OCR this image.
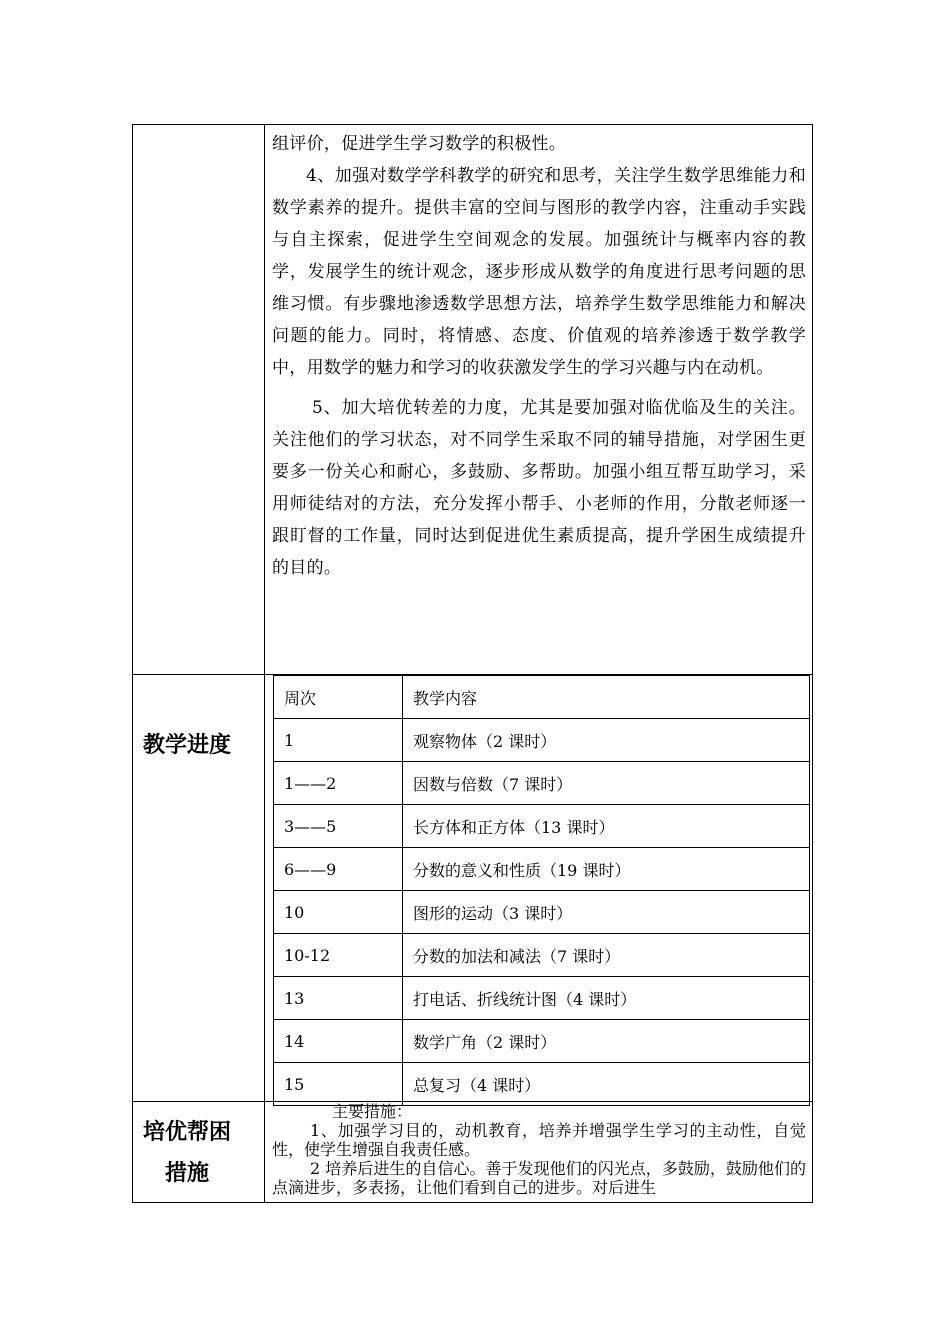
组评价，促进学生学习数学的积极性。

4、加强对数学学科教学的研究和思考，关注学生数学思维能力和数学素养的提升。提供丰富的空间与图形的教学内容，注重动手实践与自主探索，促进学生空间观念的发展。加强统计与概率内容的教学，发展学生的统计观念，逐步形成从数学的角度进行思考问题的思维习惯。有步骤地渗透数学思想方法，培养学生数学思维能力和解决问题的能力。同时，将情感、态度、价值观的培养渗透于数学教学中，用数学的魅力和学习的收获激发学生的学习兴趣与内在动机。

5、加大培优转差的力度，尤其是要加强对临优临及生的关注。关注他们的学习状态，对不同学生采取不同的辅导措施，对学困生更要多一份关心和耐心，多鼓励、多帮助。加强小组互帮互助学习，采用师徒结对的方法，充分发挥小帮手、小老师的作用，分散老师逐一跟盯督的工作量，同时达到促进优生素质提高，提升学困生成绩提升的目的。

教学进度
周次	教学内容
1	观察物体（2 课时）
1——2	因数与倍数（7 课时）
3——5	长方体和正方体（13 课时）
6——9	分数的意义和性质（19 课时）
10	图形的运动（3 课时）
10-12	分数的加法和减法（7 课时）
13	打电话、折线统计图（4 课时）
14	数学广角（2 课时）
15	总复习（4 课时）
培优帮困
措施

主要措施：

1、加强学习目的，动机教育，培养并增强学生学习的主动性，自觉性，使学生增强自我责任感。

2 培养后进生的自信心。善于发现他们的闪光点，多鼓励，鼓励他们的点滴进步，多表扬，让他们看到自己的进步。对后进生
